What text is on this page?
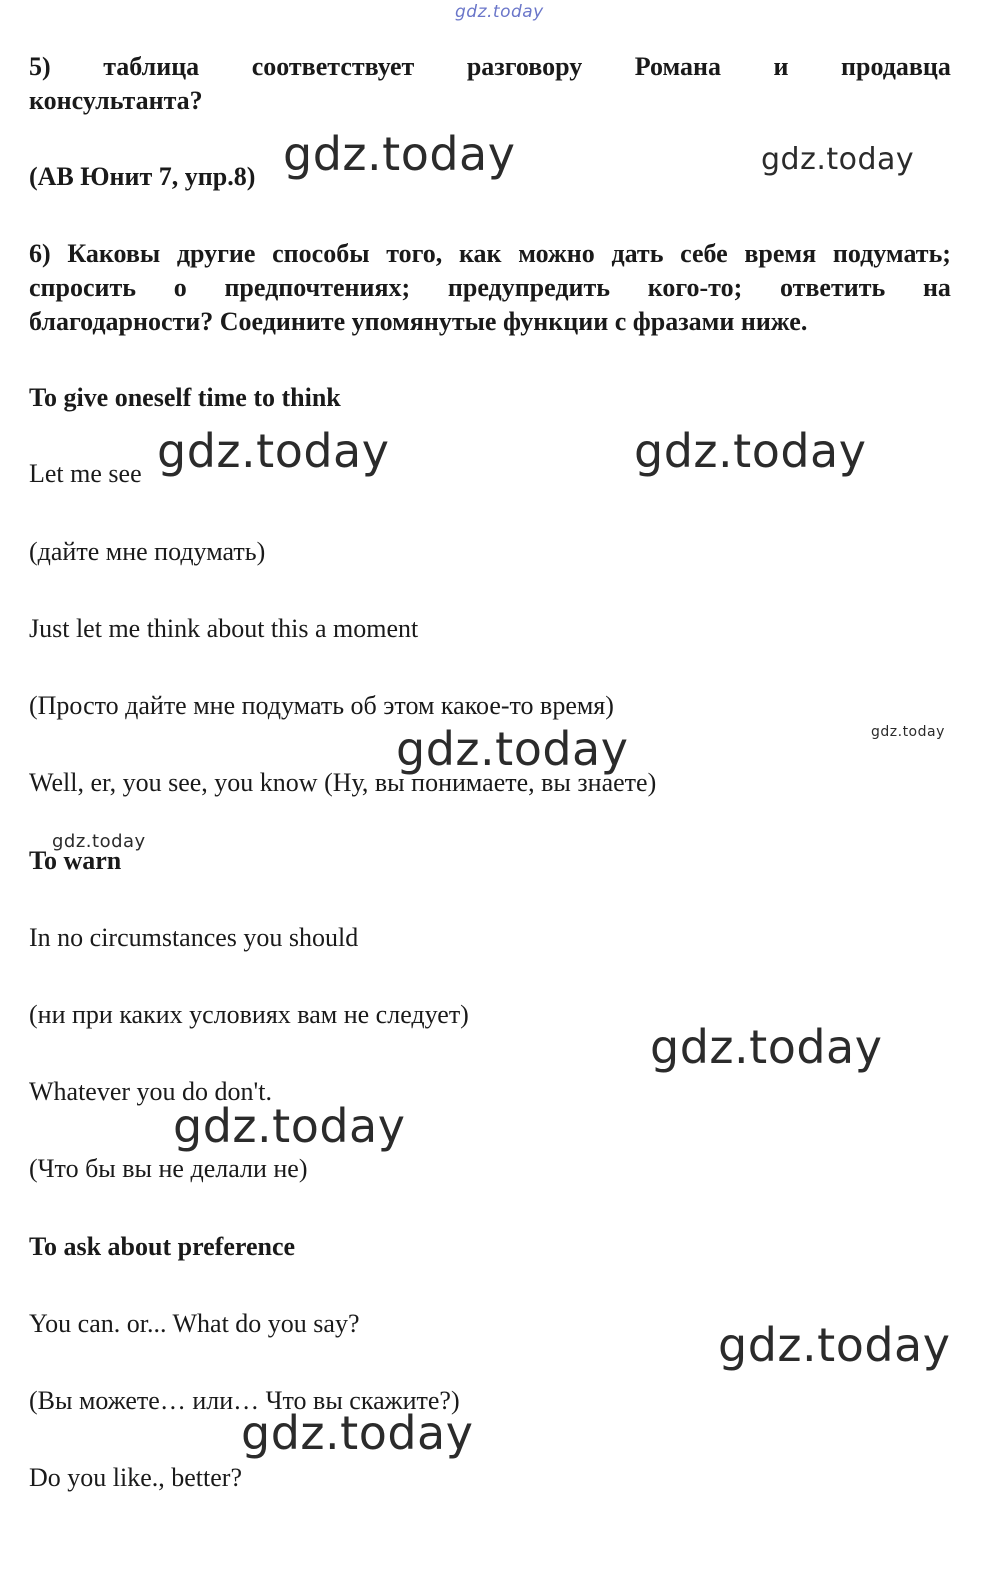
gdz.today
5) таблица соответствует разговору Романа и продавца
консультанта?
(АВ Юнит 7, упр.8) gdz.today	gdz.today
6) Каковы другие способы того, как можно дать себе время подумать;
спросить о предпочтениях; предупредить кого-то; ответить на
благодарности? Соедините упомянутые функции с фразами ниже.
To give oneself time to think
Let me see gdz.today	gdz.today
(дайте мне подумать)
Just let me think about this a moment
(Просто дайте мне подумать об этом какое-то время)
gdz.today
gdz.today
Well, er, you see, you know (Ну, вы понимаете, вы знаете)
gdz.today
To warn
In no circumstances you should
(ни при каких условиях вам не следует)
gdz.today
Whatever you do don't.
gdz.today
(Что бы вы не делали не)
To ask about preference
You can. or... What do you say?	gdz.today
(Вы можете… или… Что вы скажите?)
gdz.today
Do you like., better?
